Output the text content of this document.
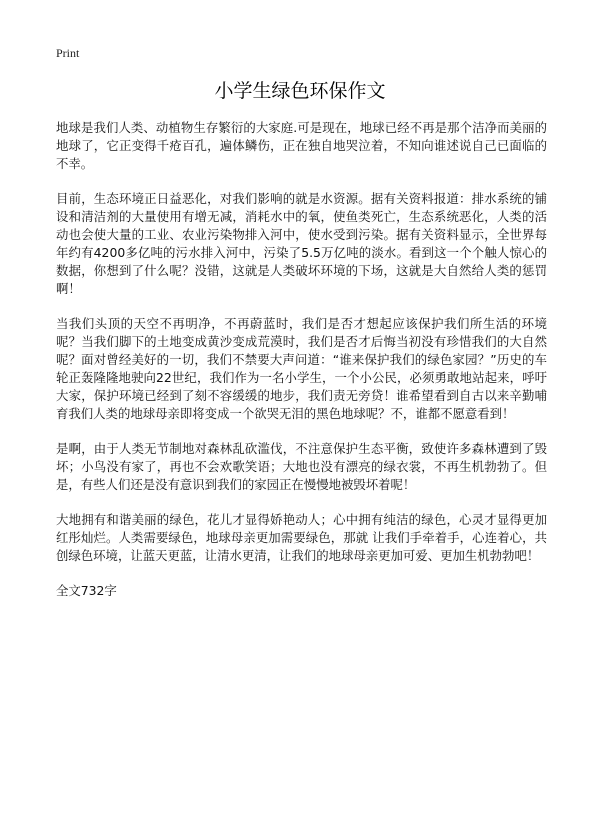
Print
小学生绿色环保作文

地球是我们人类、动植物生存繁衍的大家庭.可是现在，地球已经不再是那个洁净而美丽的地球了，它正变得千疮百孔，遍体鳞伤，正在独自地哭泣着，不知向谁述说自己已面临的不幸。

目前，生态环境正日益恶化，对我们影响的就是水资源。据有关资料报道：排水系统的铺设和清洁剂的大量使用有增无减，消耗水中的氧，使鱼类死亡，生态系统恶化，人类的活动也会使大量的工业、农业污染物排入河中，使水受到污染。据有关资料显示，全世界每年约有4200多亿吨的污水排入河中，污染了5.5万亿吨的淡水。看到这一个个触人惊心的数据，你想到了什么呢？没错，这就是人类破坏环境的下场，这就是大自然给人类的惩罚啊！

当我们头顶的天空不再明净，不再蔚蓝时，我们是否才想起应该保护我们所生活的环境呢？当我们脚下的土地变成黄沙变成荒漠时，我们是否才后悔当初没有珍惜我们的大自然呢？面对曾经美好的一切，我们不禁要大声问道：“谁来保护我们的绿色家园？”历史的车轮正轰隆隆地驶向22世纪，我们作为一名小学生，一个小公民，必须勇敢地站起来，呼吁大家，保护环境已经到了刻不容缓缓的地步，我们责无旁贷！谁希望看到自古以来辛勤哺育我们人类的地球母亲即将变成一个欲哭无泪的黑色地球呢？不，谁都不愿意看到！

是啊，由于人类无节制地对森林乱砍滥伐，不注意保护生态平衡，致使许多森林遭到了毁坏；小鸟没有家了，再也不会欢歌笑语；大地也没有漂亮的绿衣裳，不再生机勃勃了。但是，有些人们还是没有意识到我们的家园正在慢慢地被毁坏着呢！

大地拥有和谐美丽的绿色，花儿才显得娇艳动人；心中拥有纯洁的绿色，心灵才显得更加红彤灿烂。人类需要绿色，地球母亲更加需要绿色，那就 让我们手牵着手，心连着心，共创绿色环境，让蓝天更蓝，让清水更清，让我们的地球母亲更加可爱、更加生机勃勃吧！

全文732字
